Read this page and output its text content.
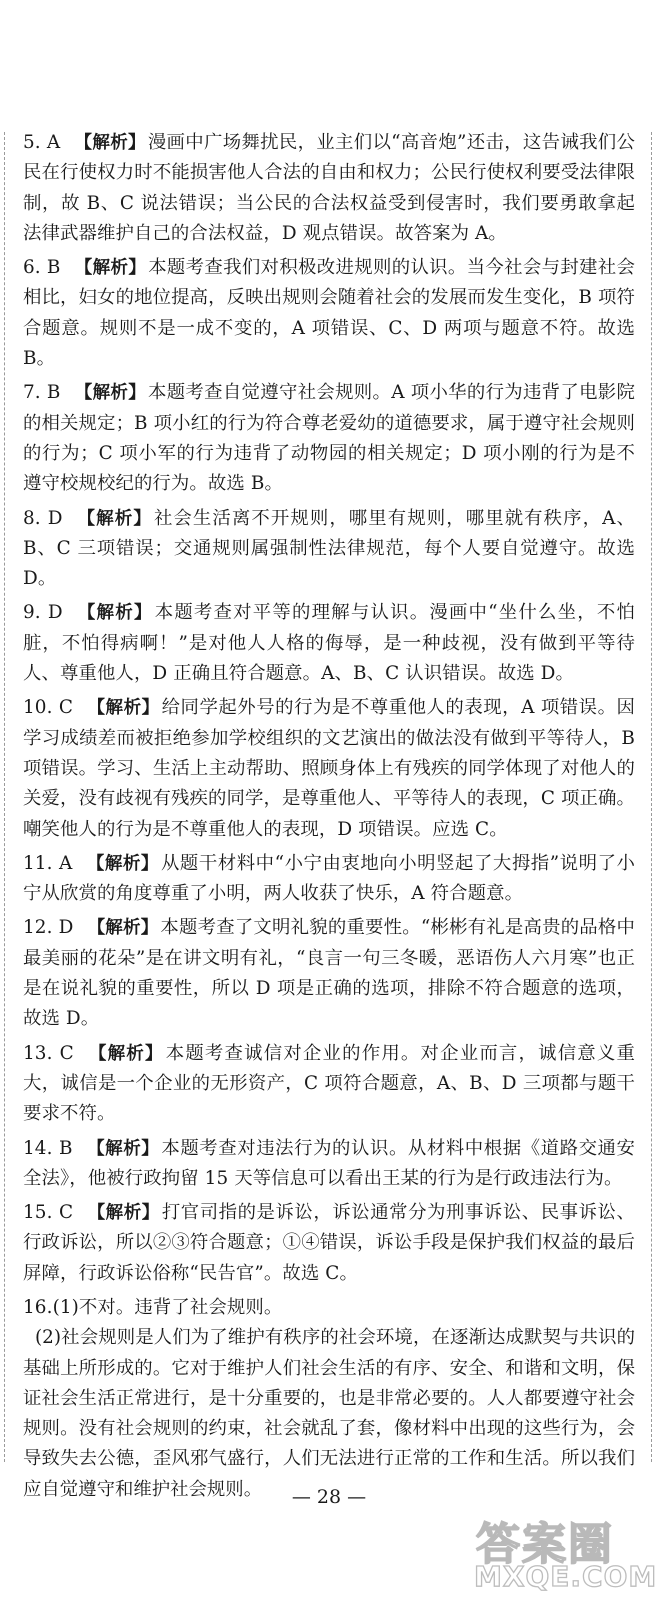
5. A 【解析】 漫画中广场舞扰民，业主们以“高音炮”还击，这告诫我们公民在行使权力时不能损害他人合法的自由和权力；公民行使权利要受法律限制，故 B、C 说法错误；当公民的合法权益受到侵害时，我们要勇敢拿起法律武器维护自己的合法权益，D 观点错误。故答案为 A。

6. B 【解析】 本题考查我们对积极改进规则的认识。当今社会与封建社会相比，妇女的地位提高，反映出规则会随着社会的发展而发生变化，B 项符合题意。规则不是一成不变的，A 项错误、C、D 两项与题意不符。故选 B。

7. B 【解析】 本题考查自觉遵守社会规则。A 项小华的行为违背了电影院的相关规定；B 项小红的行为符合尊老爱幼的道德要求，属于遵守社会规则的行为；C 项小军的行为违背了动物园的相关规定；D 项小刚的行为是不遵守校规校纪的行为。故选 B。

8. D 【解析】 社会生活离不开规则，哪里有规则，哪里就有秩序，A、B、C 三项错误；交通规则属强制性法律规范，每个人要自觉遵守。故选 D。

9. D 【解析】 本题考查对平等的理解与认识。漫画中“坐什么坐，不怕脏，不怕得病啊！”是对他人人格的侮辱，是一种歧视，没有做到平等待人、尊重他人，D 正确且符合题意。A、B、C 认识错误。故选 D。

10. C 【解析】 给同学起外号的行为是不尊重他人的表现，A 项错误。因学习成绩差而被拒绝参加学校组织的文艺演出的做法没有做到平等待人，B 项错误。学习、生活上主动帮助、照顾身体上有残疾的同学体现了对他人的关爱，没有歧视有残疾的同学，是尊重他人、平等待人的表现，C 项正确。嘲笑他人的行为是不尊重他人的表现，D 项错误。应选 C。

11. A 【解析】 从题干材料中“小宁由衷地向小明竖起了大拇指”说明了小宁从欣赏的角度尊重了小明，两人收获了快乐，A 符合题意。

12. D 【解析】 本题考查了文明礼貌的重要性。“彬彬有礼是高贵的品格中最美丽的花朵”是在讲文明有礼，“良言一句三冬暖，恶语伤人六月寒”也正是在说礼貌的重要性，所以 D 项是正确的选项，排除不符合题意的选项，故选 D。

13. C 【解析】 本题考查诚信对企业的作用。对企业而言，诚信意义重大，诚信是一个企业的无形资产，C 项符合题意，A、B、D 三项都与题干要求不符。

14. B 【解析】 本题考查对违法行为的认识。从材料中根据《道路交通安全法》，他被行政拘留 15 天等信息可以看出王某的行为是行政违法行为。

15. C 【解析】 打官司指的是诉讼，诉讼通常分为刑事诉讼、民事诉讼、行政诉讼，所以②③符合题意；①④错误，诉讼手段是保护我们权益的最后屏障，行政诉讼俗称“民告官”。故选 C。

16.(1)不对。违背了社会规则。

(2)社会规则是人们为了维护有秩序的社会环境，在逐渐达成默契与共识的基础上所形成的。它对于维护人们社会生活的有序、安全、和谐和文明，保证社会生活正常进行，是十分重要的，也是非常必要的。人人都要遵守社会规则。没有社会规则的约束，社会就乱了套，像材料中出现的这些行为，会导致失去公德，歪风邪气盛行，人们无法进行正常的工作和生活。所以我们应自觉遵守和维护社会规则。	— 28 —
答案圈
MXQE.COM
